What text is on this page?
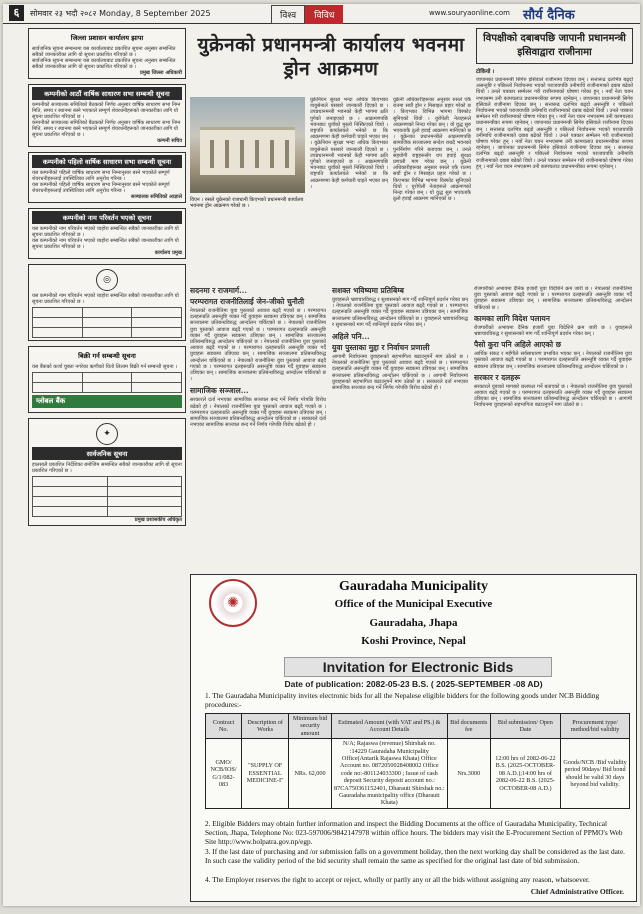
६	सोमवार २३ भदौ २०८२ Monday, 8 September 2025	विश्व	विविध	www.souryaonline.com सौर्य दैनिक
जिल्ला प्रशासन कार्यालय झापा

सार्वजनिक सूचना सम्बन्धमा यस कार्यालयबाट प्रकाशित सूचना अनुसार सम्बन्धित सबैको जानकारीका लागि यो सूचना प्रकाशित गरिएको छ ।

सार्वजनिक सूचना सम्बन्धमा यस कार्यालयबाट प्रकाशित सूचना अनुसार सम्बन्धित सबैको जानकारीका लागि यो सूचना प्रकाशित गरिएको छ ।

प्रमुख जिल्ला अधिकारी

कम्पनीको आठौं वार्षिक साधारण सभा सम्बन्धी सूचना

कम्पनीको सञ्चालक समितिको बैठकको निर्णय अनुसार वार्षिक साधारण सभा निम्न मिति, समय र स्थानमा बस्ने भएकाले सम्पूर्ण शेयरधनीहरूको जानकारीका लागि यो सूचना प्रकाशित गरिएको छ ।

कम्पनीको सञ्चालक समितिको बैठकको निर्णय अनुसार वार्षिक साधारण सभा निम्न मिति, समय र स्थानमा बस्ने भएकाले सम्पूर्ण शेयरधनीहरूको जानकारीका लागि यो सूचना प्रकाशित गरिएको छ ।

कम्पनी सचिव

कम्पनीको पहिलो वार्षिक साधारण सभा सम्बन्धी सूचना

यस कम्पनीको पहिलो वार्षिक साधारण सभा निम्नानुसार बस्ने भएकोले सम्पूर्ण शेयरधनीहरूलाई उपस्थितिका लागि अनुरोध गरिन्छ ।

यस कम्पनीको पहिलो वार्षिक साधारण सभा निम्नानुसार बस्ने भएकोले सम्पूर्ण शेयरधनीहरूलाई उपस्थितिका लागि अनुरोध गरिन्छ ।

सञ्चालक समितिको आज्ञाले

कम्पनीको नाम परिवर्तन भएको सूचना

यस कम्पनीको नाम परिवर्तन भएको व्यहोरा सम्बन्धित सबैको जानकारीका लागि यो सूचना प्रकाशित गरिएको छ ।

यस कम्पनीको नाम परिवर्तन भएको व्यहोरा सम्बन्धित सबैको जानकारीका लागि यो सूचना प्रकाशित गरिएको छ ।

कार्यालय प्रमुख

◎

यस कम्पनीको नाम परिवर्तन भएको व्यहोरा सम्बन्धित सबैको जानकारीका लागि यो सूचना प्रकाशित गरिएको छ ।

बिक्री गर्न सम्बन्धी सूचना

यस बैंकको कर्जा चुक्ता नगरेका ऋणीको धितो लिलाम बिक्री गर्न सम्बन्धी सूचना ।

ग्लोबल बैंक
✦
सार्वजनिक सूचना

हालसालै प्रकाशित निर्देशिका बमोजिम सम्बन्धित सबैको जानकारीका लागि यो सूचना प्रकाशित गरिएको छ ।

प्रमुख प्रशासकीय अधिकृत

युक्रेनको प्रधानमन्त्री कार्यालय भवनमा ड्रोन आक्रमण
विएन । रुसले युक्रेनको राजधानी किएभको प्रधानमन्त्री कार्यालय भवनमा ड्रोन आक्रमण गरेको छ ।
युक्रेनियन सुरक्षा भन्दा अधिक किएभका वायुसेनाले यसबारे जानकारी दिएको छ । उपप्रधानमन्त्री भवनको केही भागमा क्षति पुगेको जनाइएको छ । आक्रमणपछि भवनबाट धुवाँको मुस्लो निस्किएको थियो । राष्ट्रपति कार्यालयले भनेको छ कि आक्रमणमा केही कर्मचारी घाइते भएका छन् । युक्रेनियन सुरक्षा भन्दा अधिक किएभका वायुसेनाले यसबारे जानकारी दिएको छ । उपप्रधानमन्त्री भवनको केही भागमा क्षति पुगेको जनाइएको छ । आक्रमणपछि भवनबाट धुवाँको मुस्लो निस्किएको थियो । राष्ट्रपति कार्यालयले भनेको छ कि आक्रमणमा केही कर्मचारी घाइते भएका छन् ।
युक्रेनी अधिकारीहरूका अनुसार रुसले एकै रातमा सयौं ड्रोन र मिसाइल प्रहार गरेको छ । किएभका विभिन्न भागमा विस्फोट सुनिएको थियो । युरोपेली नेताहरूले आक्रमणको निन्दा गरेका छन् । यो युद्ध सुरु भएयताकै ठूलो हवाई आक्रमण मानिएको छ । युक्रेनका प्रधानमन्त्रीले आक्रमणपछि सामाजिक सञ्जालमा सन्देश राख्दै भवनको पुनर्निर्माण गरिने बताएका छन् । उनले सहयोगी राष्ट्रहरूसँग थप हवाई सुरक्षा प्रणाली माग गरेका छन् । युक्रेनी अधिकारीहरूका अनुसार रुसले एकै रातमा सयौं ड्रोन र मिसाइल प्रहार गरेको छ । किएभका विभिन्न भागमा विस्फोट सुनिएको थियो । युरोपेली नेताहरूले आक्रमणको निन्दा गरेका छन् । यो युद्ध सुरु भएयताकै ठूलो हवाई आक्रमण मानिएको छ ।
विपक्षीको दबाबपछि जापानी प्रधानमन्त्री इसिवाद्वारा राजीनामा
टोकियो ।
जापानका प्रधानमन्त्री सिगेरु इसिवाले राजीनामा दिएका छन् । सत्तारूढ दलभित्र बढ्दो असन्तुष्टि र पछिल्लो निर्वाचनमा भएको पराजयपछि उनीमाथि राजीनामाको दबाब बढेको थियो । उनले पत्रकार सम्मेलन गरी राजीनामाको घोषणा गरेका हुन् । नयाँ नेता चयन नभएसम्म उनी कामचलाउ प्रधानमन्त्रीका रूपमा रहनेछन् । जापानका प्रधानमन्त्री सिगेरु इसिवाले राजीनामा दिएका छन् । सत्तारूढ दलभित्र बढ्दो असन्तुष्टि र पछिल्लो निर्वाचनमा भएको पराजयपछि उनीमाथि राजीनामाको दबाब बढेको थियो । उनले पत्रकार सम्मेलन गरी राजीनामाको घोषणा गरेका हुन् । नयाँ नेता चयन नभएसम्म उनी कामचलाउ प्रधानमन्त्रीका रूपमा रहनेछन् । जापानका प्रधानमन्त्री सिगेरु इसिवाले राजीनामा दिएका छन् । सत्तारूढ दलभित्र बढ्दो असन्तुष्टि र पछिल्लो निर्वाचनमा भएको पराजयपछि उनीमाथि राजीनामाको दबाब बढेको थियो । उनले पत्रकार सम्मेलन गरी राजीनामाको घोषणा गरेका हुन् । नयाँ नेता चयन नभएसम्म उनी कामचलाउ प्रधानमन्त्रीका रूपमा रहनेछन् । जापानका प्रधानमन्त्री सिगेरु इसिवाले राजीनामा दिएका छन् । सत्तारूढ दलभित्र बढ्दो असन्तुष्टि र पछिल्लो निर्वाचनमा भएको पराजयपछि उनीमाथि राजीनामाको दबाब बढेको थियो । उनले पत्रकार सम्मेलन गरी राजीनामाको घोषणा गरेका हुन् । नयाँ नेता चयन नभएसम्म उनी कामचलाउ प्रधानमन्त्रीका रूपमा रहनेछन् ।
सदनमा र राजमार्ग...
परम्परागत राजनीतिलाई जेन-जीको चुनौती
नेपालको राजनीतिमा युवा पुस्ताको आवाज बढ्दै गएको छ । परम्परागत दलहरूप्रति असन्तुष्टि व्यक्त गर्दै युवाहरू सडकमा उत्रिएका छन् । सामाजिक सञ्जालमा प्रतिबन्धविरुद्ध आन्दोलन चर्किएको छ । नेपालको राजनीतिमा युवा पुस्ताको आवाज बढ्दै गएको छ । परम्परागत दलहरूप्रति असन्तुष्टि व्यक्त गर्दै युवाहरू सडकमा उत्रिएका छन् । सामाजिक सञ्जालमा प्रतिबन्धविरुद्ध आन्दोलन चर्किएको छ । नेपालको राजनीतिमा युवा पुस्ताको आवाज बढ्दै गएको छ । परम्परागत दलहरूप्रति असन्तुष्टि व्यक्त गर्दै युवाहरू सडकमा उत्रिएका छन् । सामाजिक सञ्जालमा प्रतिबन्धविरुद्ध आन्दोलन चर्किएको छ । नेपालको राजनीतिमा युवा पुस्ताको आवाज बढ्दै गएको छ । परम्परागत दलहरूप्रति असन्तुष्टि व्यक्त गर्दै युवाहरू सडकमा उत्रिएका छन् । सामाजिक सञ्जालमा प्रतिबन्धविरुद्ध आन्दोलन चर्किएको छ ।
सामाजिक सञ्जाल...
सरकारले दर्ता नभएका सामाजिक सञ्जाल बन्द गर्ने निर्णय गरेपछि विरोध बढेको हो । नेपालको राजनीतिमा युवा पुस्ताको आवाज बढ्दै गएको छ । परम्परागत दलहरूप्रति असन्तुष्टि व्यक्त गर्दै युवाहरू सडकमा उत्रिएका छन् । सामाजिक सञ्जालमा प्रतिबन्धविरुद्ध आन्दोलन चर्किएको छ । सरकारले दर्ता नभएका सामाजिक सञ्जाल बन्द गर्ने निर्णय गरेपछि विरोध बढेको हो ।
सशक्त भविष्यमा प्रतिबिम्ब
युवाहरूले भ्रष्टाचारविरुद्ध र सुशासनको माग गर्दै शान्तिपूर्ण प्रदर्शन गरेका छन् । नेपालको राजनीतिमा युवा पुस्ताको आवाज बढ्दै गएको छ । परम्परागत दलहरूप्रति असन्तुष्टि व्यक्त गर्दै युवाहरू सडकमा उत्रिएका छन् । सामाजिक सञ्जालमा प्रतिबन्धविरुद्ध आन्दोलन चर्किएको छ । युवाहरूले भ्रष्टाचारविरुद्ध र सुशासनको माग गर्दै शान्तिपूर्ण प्रदर्शन गरेका छन् ।
अहिले पनि...
युवा पुस्ताका मुद्दा र निर्वाचन प्रणाली
आगामी निर्वाचनमा युवाहरूको सहभागिता बढाउनुपर्ने माग उठेको छ । नेपालको राजनीतिमा युवा पुस्ताको आवाज बढ्दै गएको छ । परम्परागत दलहरूप्रति असन्तुष्टि व्यक्त गर्दै युवाहरू सडकमा उत्रिएका छन् । सामाजिक सञ्जालमा प्रतिबन्धविरुद्ध आन्दोलन चर्किएको छ । आगामी निर्वाचनमा युवाहरूको सहभागिता बढाउनुपर्ने माग उठेको छ । सरकारले दर्ता नभएका सामाजिक सञ्जाल बन्द गर्ने निर्णय गरेपछि विरोध बढेको हो ।
रोजगारीको अभावमा दैनिक हजारौं युवा विदेशिने क्रम जारी छ । नेपालको राजनीतिमा युवा पुस्ताको आवाज बढ्दै गएको छ । परम्परागत दलहरूप्रति असन्तुष्टि व्यक्त गर्दै युवाहरू सडकमा उत्रिएका छन् । सामाजिक सञ्जालमा प्रतिबन्धविरुद्ध आन्दोलन चर्किएको छ ।
कामका लागि विदेश पलायन
रोजगारीको अभावमा दैनिक हजारौं युवा विदेशिने क्रम जारी छ । युवाहरूले भ्रष्टाचारविरुद्ध र सुशासनको माग गर्दै शान्तिपूर्ण प्रदर्शन गरेका छन् ।
पैसो कुरा पनि अहिले आएको छ
आर्थिक संकट र महँगीले सर्वसाधारण प्रभावित भएका छन् । नेपालको राजनीतिमा युवा पुस्ताको आवाज बढ्दै गएको छ । परम्परागत दलहरूप्रति असन्तुष्टि व्यक्त गर्दै युवाहरू सडकमा उत्रिएका छन् । सामाजिक सञ्जालमा प्रतिबन्धविरुद्ध आन्दोलन चर्किएको छ ।
सरकार र दलहरू
सरकारले युवाको मागबारे छलफल गर्ने बताएको छ । नेपालको राजनीतिमा युवा पुस्ताको आवाज बढ्दै गएको छ । परम्परागत दलहरूप्रति असन्तुष्टि व्यक्त गर्दै युवाहरू सडकमा उत्रिएका छन् । सामाजिक सञ्जालमा प्रतिबन्धविरुद्ध आन्दोलन चर्किएको छ । आगामी निर्वाचनमा युवाहरूको सहभागिता बढाउनुपर्ने माग उठेको छ ।
✺
Gauradaha Municipality
Office of the Municipal Executive
Gauradaha, Jhapa
Koshi Province, Nepal
Invitation for Electronic Bids
Date of publication: 2082-05-23 B.S. ( 2025-SEPTEMBER -08 AD)
1. The Gauradaha Municipality invites electronic bids for all the Nepalese eligible bidders for the following goods under NCB Bidding procedures:-
Contract No.	Description of Works	Minimum bid security amount	Estimated Amount (with VAT and PS.) & Account Details	Bid documents fee	Bid submission/ Open Date	Procurement type/ method/bid validity
GMO/ NCB/IOS/ G/1/082-083	"SUPPLY OF ESSENTIAL MEDICINE-I"	NRs. 62,000	N/A; Rajaswa (revenue) Shirshak no. :14229 Gauradaha Municipality Office(Antarik Rajaswa Khata) Office Account no. 0872050028408002 Office code no:-801124033300 ; Issue of cash deposit Security deposit account no.: 87CA750361152401, Dharauti Shirshak no.: Gauradaha municipality office (Dharauti Khata)	Nrs.3000	12:00 hrs of 2082-06-22 B.S. (2025-OCTOBER-08 A.D.);14:00 hrs of 2082-06-22 B.S. (2025- OCTOBER-08 A.D.)	Goods/NCB /Bid validity period 90days/ Bid bond should be valid 30 days beyond bid validity.
2. Eligible Bidders may obtain further information and inspect the Bidding Documents at the office of Gauradaha Municipality, Technical Section, Jhapa, Telephone No: 023-597006/9842147978 within office hours. The bidders may visit the E-Procurement Section of PPMO's Web Site http://www.bolpatra.gov.np/egp.
3. If the last date of purchasing and /or submission falls on a government holiday, then the next working day shall be considered as the last date. In such case the validity period of the bid security shall remain the same as specified for the original last date of bid submission.
4. The Employer reserves the right to accept or reject, wholly or partly any or all the bids without assigning any reason, whatsoever.
Chief Administrative Officer.
